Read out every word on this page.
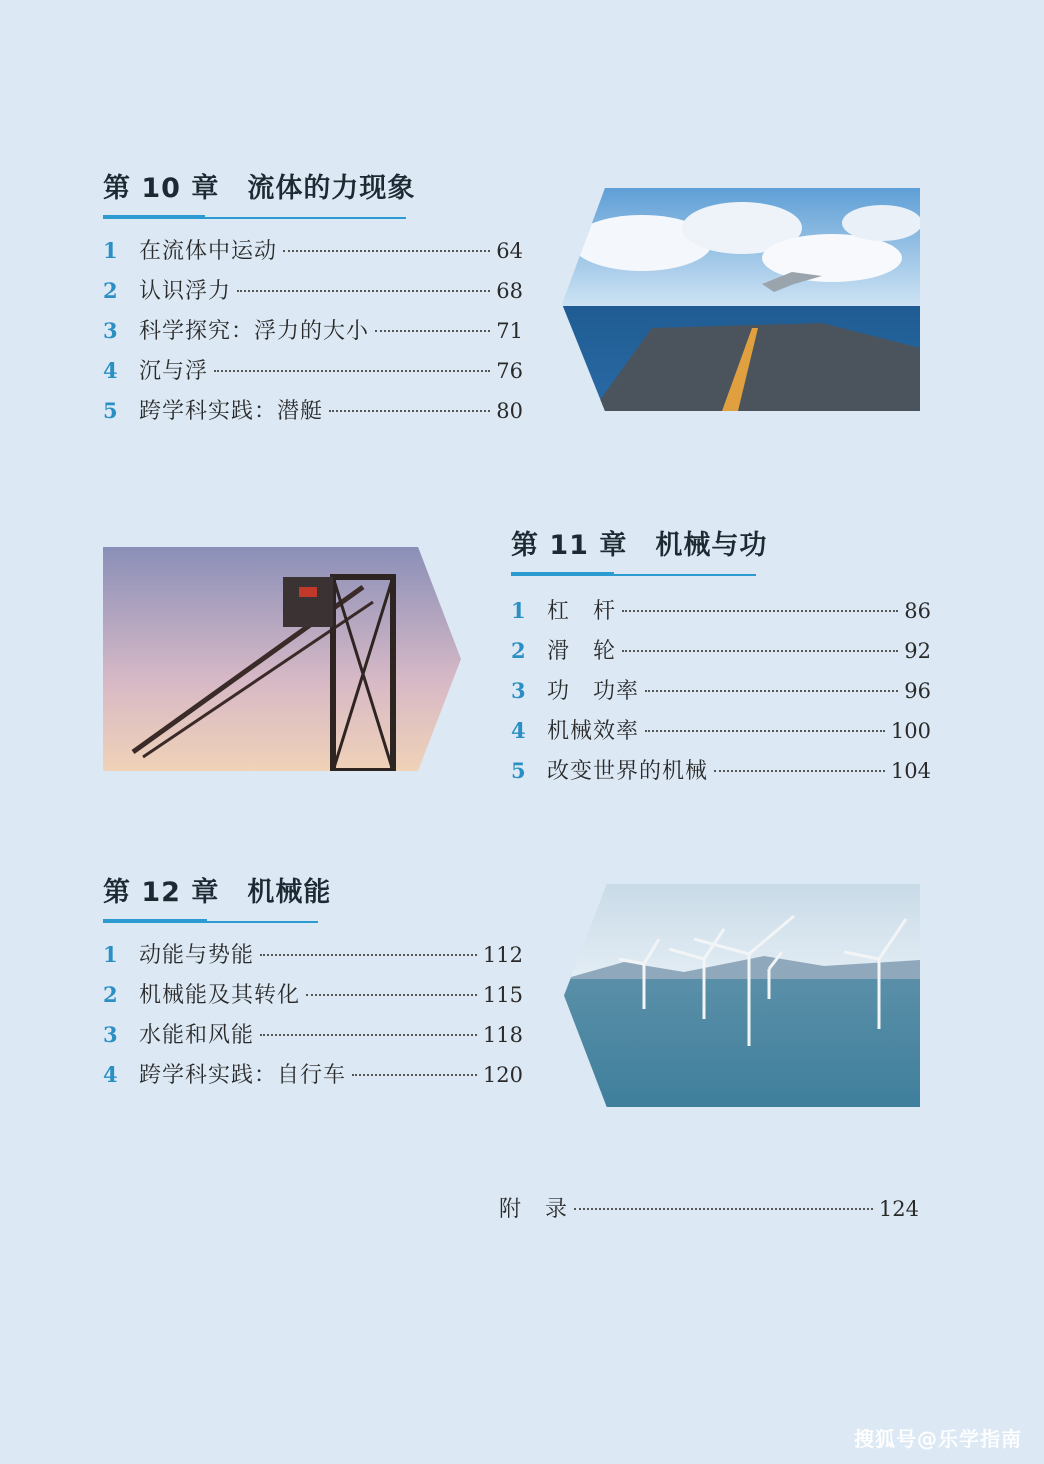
第 10 章 流体的力现象
1 在流体中运动	64
2 认识浮力	68
3 科学探究：浮力的大小	71
4 沉与浮	76
5 跨学科实践：潜艇	80
第 11 章 机械与功
1 杠　杆	86
2 滑　轮	92
3 功　功率	96
4 机械效率	100
5 改变世界的机械	104
第 12 章 机械能
1 动能与势能	112
2 机械能及其转化	115
3 水能和风能	118
4 跨学科实践：自行车	120
附　录	124
搜狐号@乐学指南
